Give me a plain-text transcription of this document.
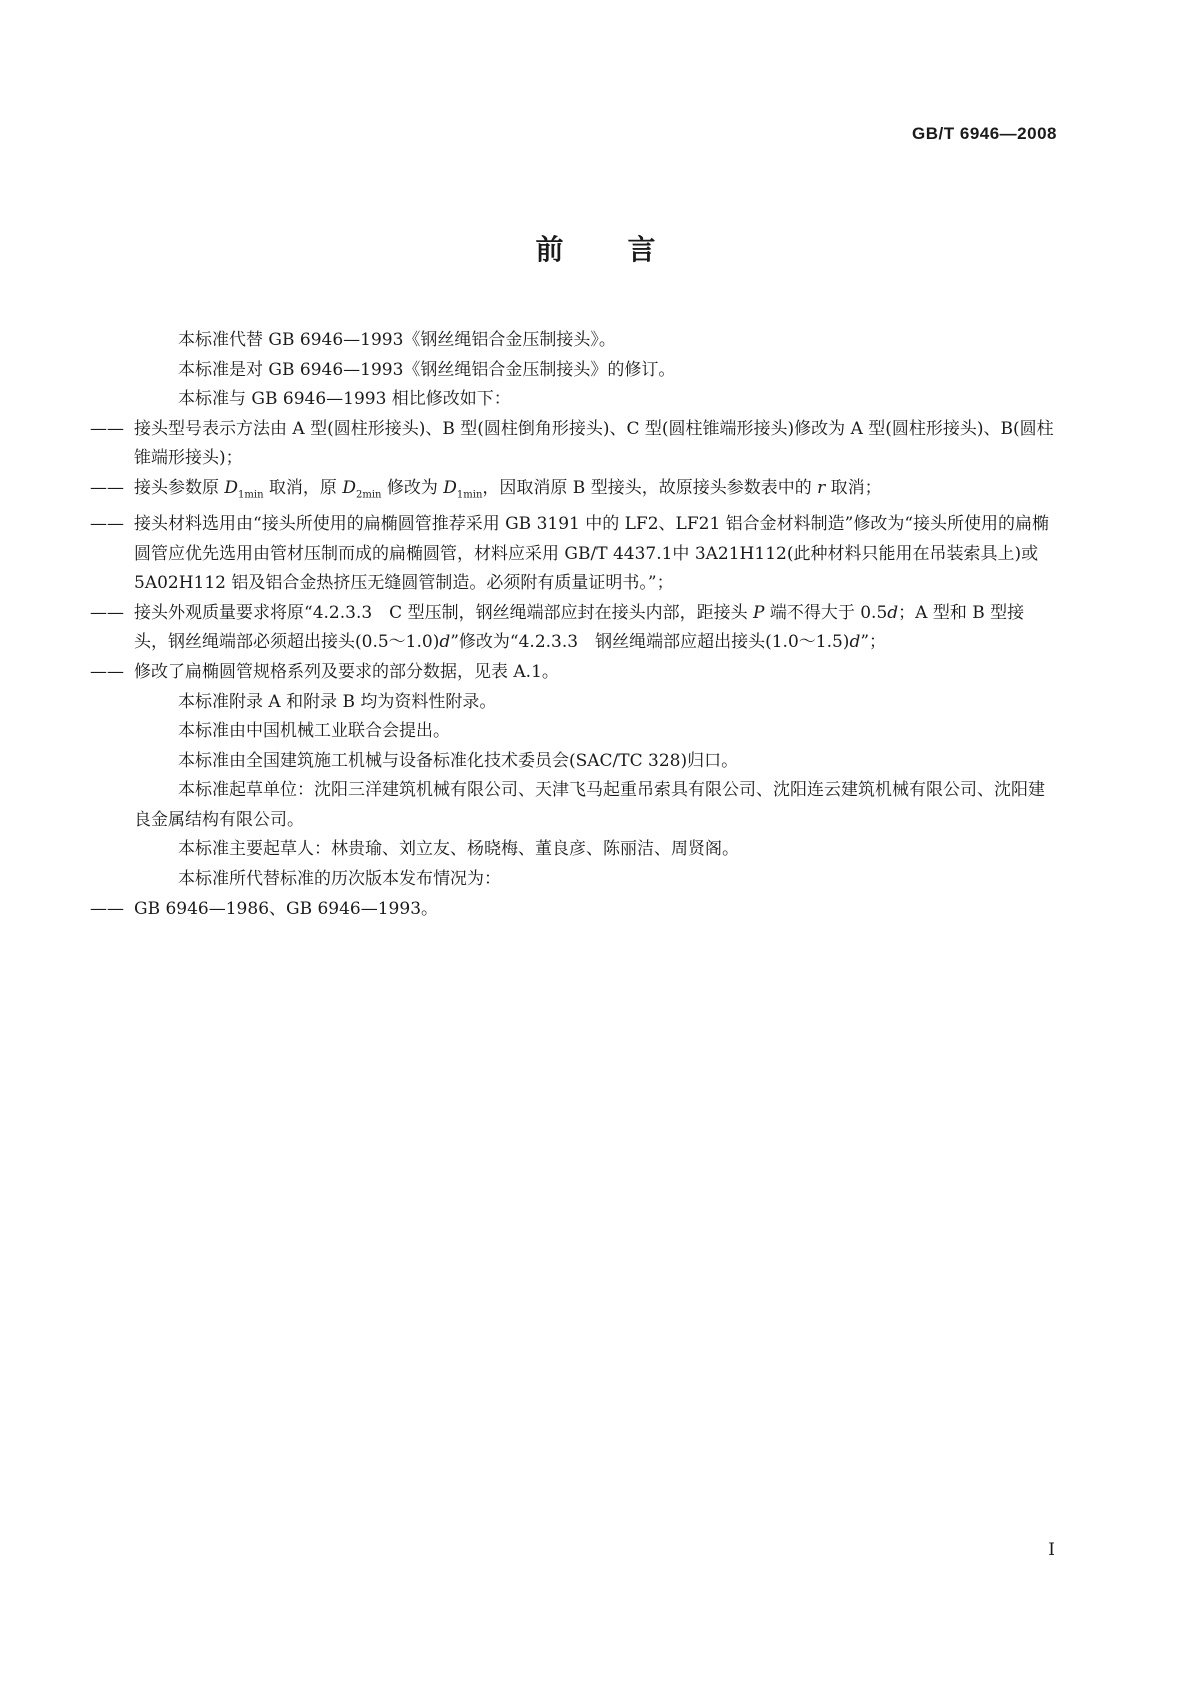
GB/T 6946—2008
前言

本标准代替 GB 6946—1993《钢丝绳铝合金压制接头》。

本标准是对 GB 6946—1993《钢丝绳铝合金压制接头》的修订。

本标准与 GB 6946—1993 相比修改如下：

—— 接头型号表示方法由 A 型(圆柱形接头)、B 型(圆柱倒角形接头)、C 型(圆柱锥端形接头)修改为 A 型(圆柱形接头)、B(圆柱锥端形接头)；

—— 接头参数原 $D_{1min}$ 取消，原 $D_{2min}$ 修改为 $D_{1min}$，因取消原 B 型接头，故原接头参数表中的 r 取消；

—— 接头材料选用由“接头所使用的扁椭圆管推荐采用 GB 3191 中的 LF2、LF21 铝合金材料制造”修改为“接头所使用的扁椭圆管应优先选用由管材压制而成的扁椭圆管，材料应采用 GB/T 4437.1中 3A21H112(此种材料只能用在吊装索具上)或 5A02H112 铝及铝合金热挤压无缝圆管制造。必须附有质量证明书。”；

—— 接头外观质量要求将原“4.2.3.3　C 型压制，钢丝绳端部应封在接头内部，距接头 P 端不得大于 0.5d；A 型和 B 型接头，钢丝绳端部必须超出接头(0.5～1.0)d”修改为“4.2.3.3　钢丝绳端部应超出接头(1.0～1.5)d”；

—— 修改了扁椭圆管规格系列及要求的部分数据，见表 A.1。

本标准附录 A 和附录 B 均为资料性附录。

本标准由中国机械工业联合会提出。

本标准由全国建筑施工机械与设备标准化技术委员会(SAC/TC 328)归口。

本标准起草单位：沈阳三洋建筑机械有限公司、天津飞马起重吊索具有限公司、沈阳连云建筑机械有限公司、沈阳建良金属结构有限公司。

本标准主要起草人：林贵瑜、刘立友、杨晓梅、董良彦、陈丽洁、周贤阁。

本标准所代替标准的历次版本发布情况为：

—— GB 6946—1986、GB 6946—1993。

Ⅰ
